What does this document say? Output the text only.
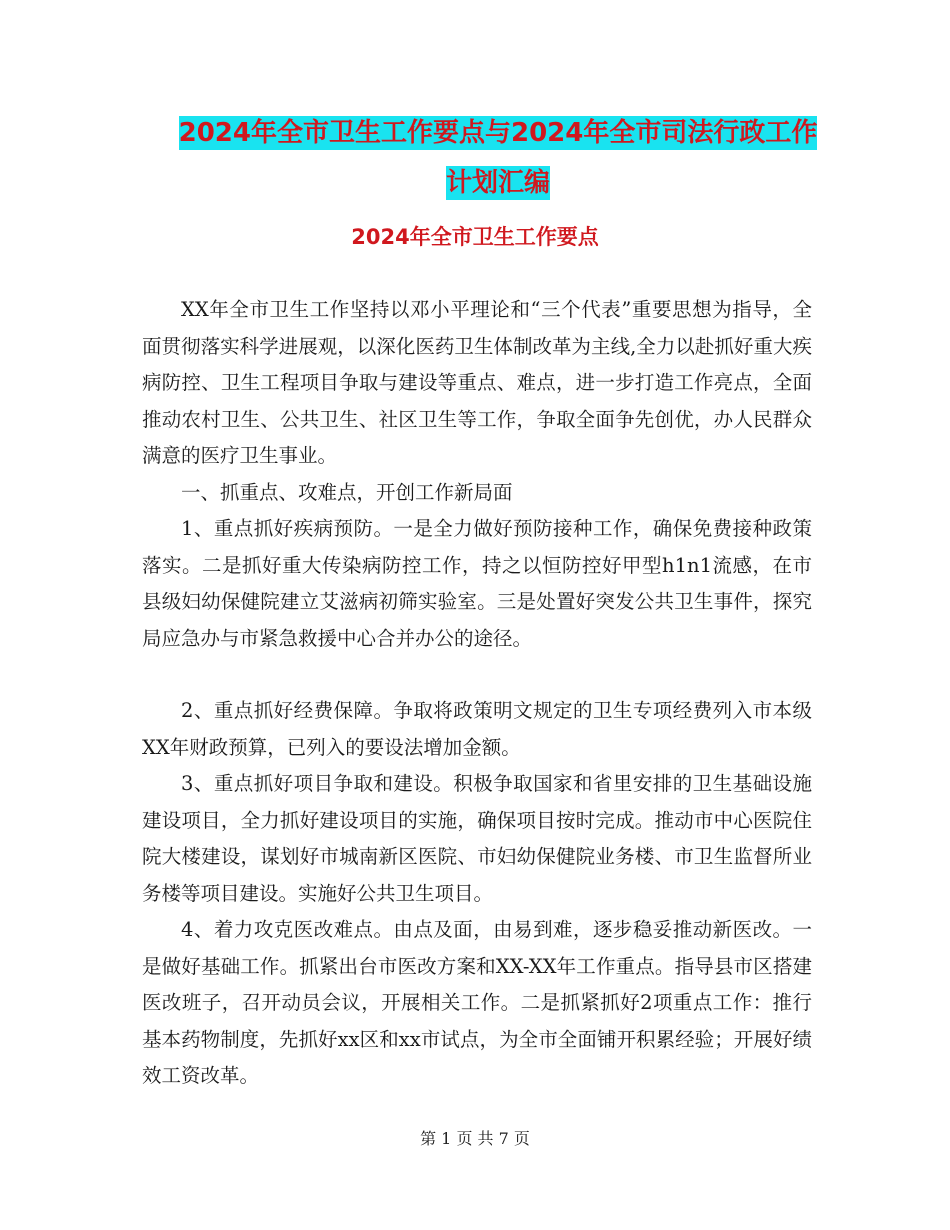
2024年全市卫生工作要点与2024年全市司法行政工作
计划汇编
2024年全市卫生工作要点

XX年全市卫生工作坚持以邓小平理论和“三个代表”重要思想为指导，全面贯彻落实科学进展观，以深化医药卫生体制改革为主线,全力以赴抓好重大疾病防控、卫生工程项目争取与建设等重点、难点，进一步打造工作亮点，全面推动农村卫生、公共卫生、社区卫生等工作，争取全面争先创优，办人民群众满意的医疗卫生事业。

一、抓重点、攻难点，开创工作新局面

1、重点抓好疾病预防。一是全力做好预防接种工作，确保免费接种政策落实。二是抓好重大传染病防控工作，持之以恒防控好甲型h1n1流感，在市县级妇幼保健院建立艾滋病初筛实验室。三是处置好突发公共卫生事件，探究局应急办与市紧急救援中心合并办公的途径。

2、重点抓好经费保障。争取将政策明文规定的卫生专项经费列入市本级XX年财政预算，已列入的要设法增加金额。

3、重点抓好项目争取和建设。积极争取国家和省里安排的卫生基础设施建设项目，全力抓好建设项目的实施，确保项目按时完成。推动市中心医院住院大楼建设，谋划好市城南新区医院、市妇幼保健院业务楼、市卫生监督所业务楼等项目建设。实施好公共卫生项目。

4、着力攻克医改难点。由点及面，由易到难，逐步稳妥推动新医改。一是做好基础工作。抓紧出台市医改方案和XX-XX年工作重点。指导县市区搭建医改班子，召开动员会议，开展相关工作。二是抓紧抓好2项重点工作：推行基本药物制度，先抓好xx区和xx市试点，为全市全面铺开积累经验；开展好绩效工资改革。

第 1 页 共 7 页
